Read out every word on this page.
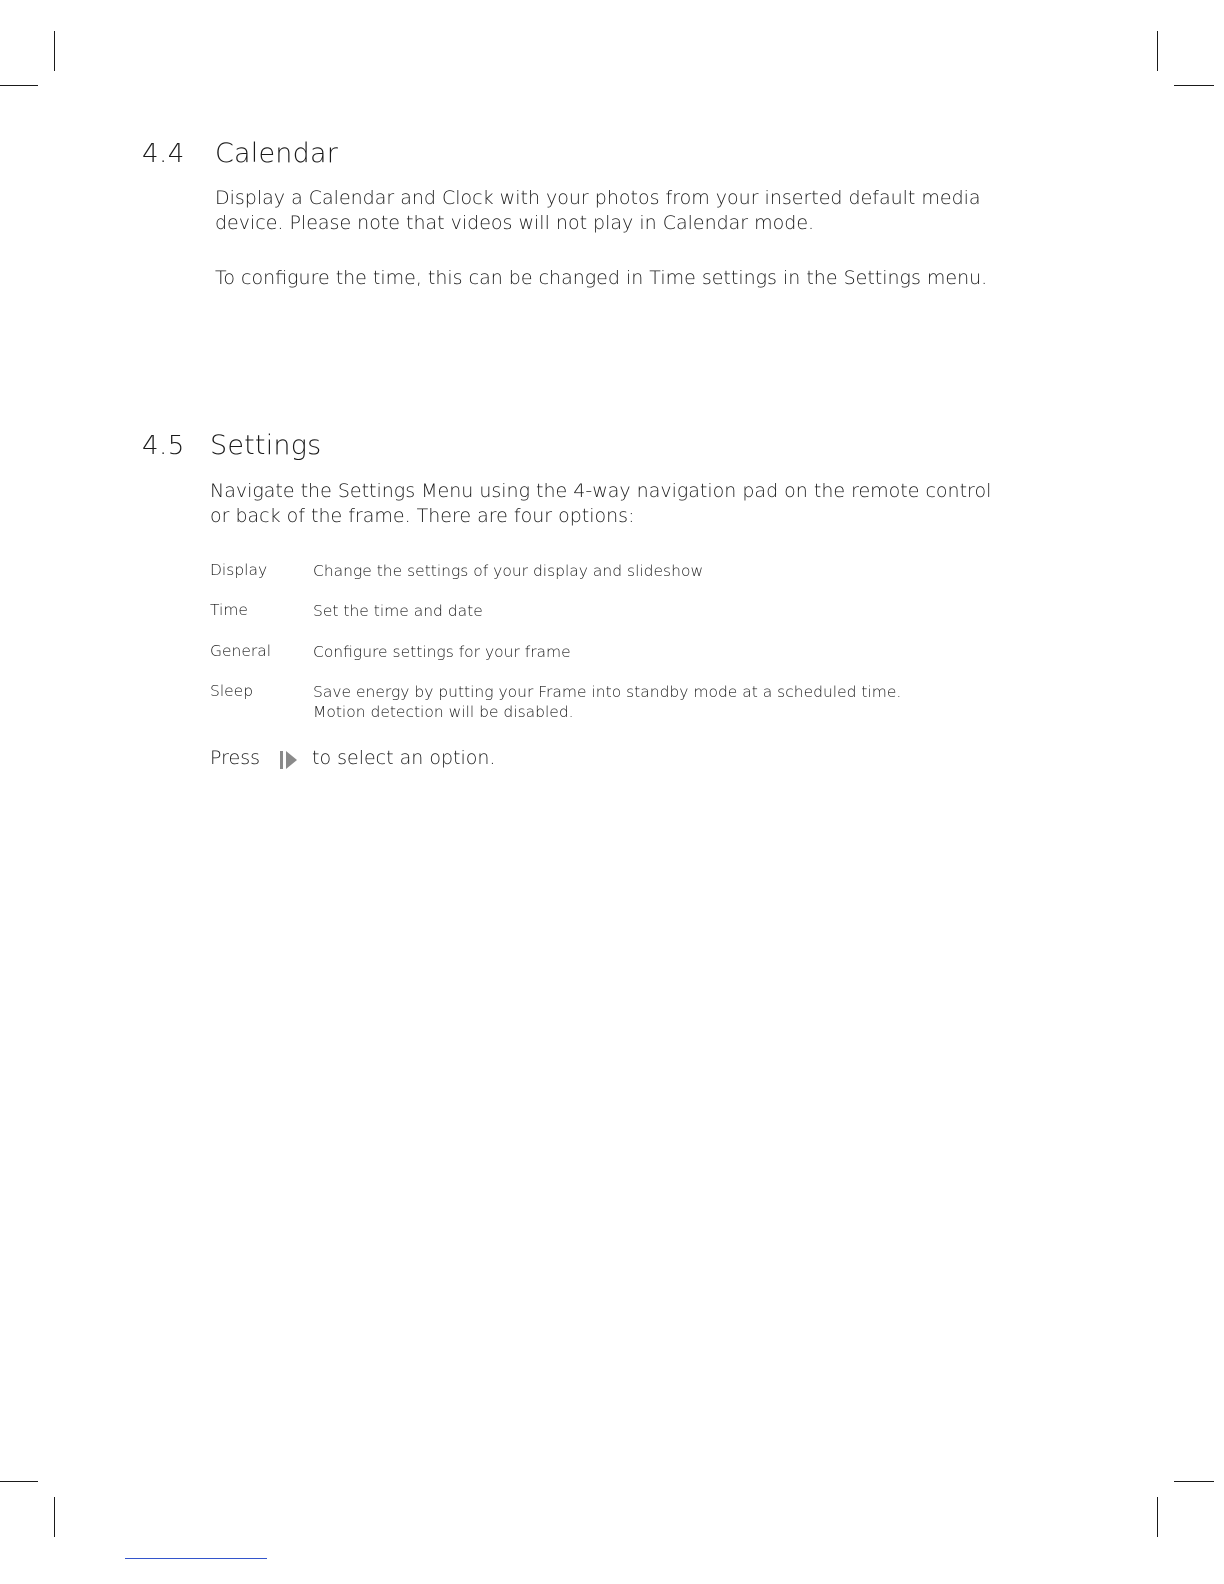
4.4 Calendar

Display a Calendar and Clock with your photos from your inserted default media
device. Please note that videos will not play in Calendar mode.

To configure the time, this can be changed in Time settings in the Settings menu.

4.5 Settings

Navigate the Settings Menu using the 4-way navigation pad on the remote control
or back of the frame. There are four options:

Display	Change the settings of your display and slideshow
Time	Set the time and date
General	Configure settings for your frame
Sleep	Save energy by putting your Frame into standby mode at a scheduled time.
Motion detection will be disabled.
Press	to select an option.
